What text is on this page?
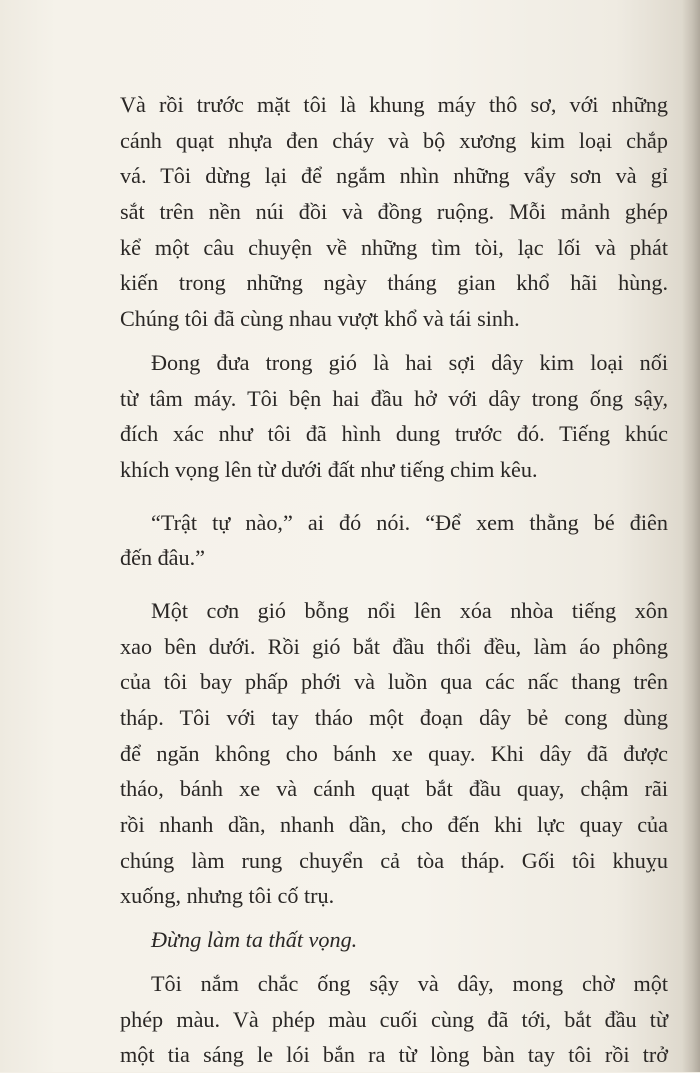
Và rồi trước mặt tôi là khung máy thô sơ, với những
cánh quạt nhựa đen cháy và bộ xương kim loại chắp
vá. Tôi dừng lại để ngắm nhìn những vẩy sơn và gỉ
sắt trên nền núi đồi và đồng ruộng. Mỗi mảnh ghép
kể một câu chuyện về những tìm tòi, lạc lối và phát
kiến trong những ngày tháng gian khổ hãi hùng.
Chúng tôi đã cùng nhau vượt khổ và tái sinh.
Đong đưa trong gió là hai sợi dây kim loại nối
từ tâm máy. Tôi bện hai đầu hở với dây trong ống sậy,
đích xác như tôi đã hình dung trước đó. Tiếng khúc
khích vọng lên từ dưới đất như tiếng chim kêu.
“Trật tự nào,” ai đó nói. “Để xem thằng bé điên
đến đâu.”
Một cơn gió bỗng nổi lên xóa nhòa tiếng xôn
xao bên dưới. Rồi gió bắt đầu thổi đều, làm áo phông
của tôi bay phấp phới và luồn qua các nấc thang trên
tháp. Tôi với tay tháo một đoạn dây bẻ cong dùng
để ngăn không cho bánh xe quay. Khi dây đã được
tháo, bánh xe và cánh quạt bắt đầu quay, chậm rãi
rồi nhanh dần, nhanh dần, cho đến khi lực quay của
chúng làm rung chuyển cả tòa tháp. Gối tôi khuỵu
xuống, nhưng tôi cố trụ.
Đừng làm ta thất vọng.
Tôi nắm chắc ống sậy và dây, mong chờ một
phép màu. Và phép màu cuối cùng đã tới, bắt đầu từ
một tia sáng le lói bắn ra từ lòng bàn tay tôi rồi trở
